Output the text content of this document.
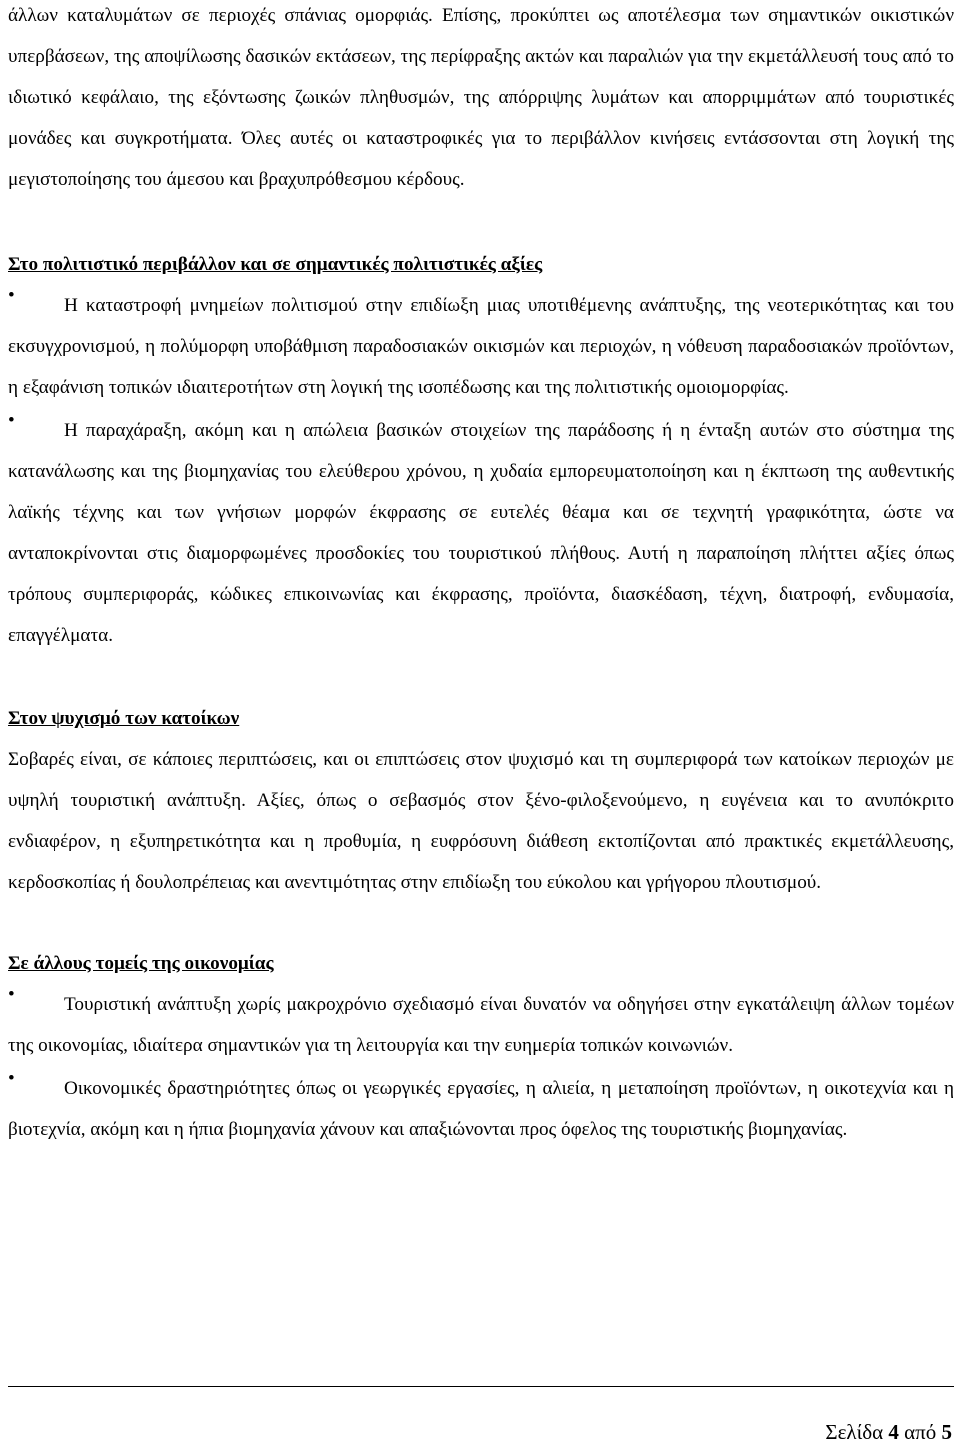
άλλων καταλυμάτων σε περιοχές σπάνιας ομορφιάς. Επίσης, προκύπτει ως αποτέλεσμα των σημαντικών οικιστικών υπερβάσεων, της αποψίλωσης δασικών εκτάσεων, της περίφραξης ακτών και παραλιών για την εκμετάλλευσή τους από το ιδιωτικό κεφάλαιο, της εξόντωσης ζωικών πληθυσμών, της απόρριψης λυμάτων και απορριμμάτων από τουριστικές μονάδες και συγκροτήματα. Όλες αυτές οι καταστροφικές για το περιβάλλον κινήσεις εντάσσονται στη λογική της μεγιστοποίησης του άμεσου και βραχυπρόθεσμου κέρδους.

Στο πολιτιστικό περιβάλλον και σε σημαντικές πολιτιστικές αξίες
•	Η καταστροφή μνημείων πολιτισμού στην επιδίωξη μιας υποτιθέμενης ανάπτυξης, της νεοτερικότητας και του εκσυγχρονισμού, η πολύμορφη υποβάθμιση παραδοσιακών οικισμών και περιοχών, η νόθευση παραδοσιακών προϊόντων, η εξαφάνιση τοπικών ιδιαιτεροτήτων στη λογική της ισοπέδωσης και της πολιτιστικής ομοιομορφίας.

•	Η παραχάραξη, ακόμη και η απώλεια βασικών στοιχείων της παράδοσης ή η ένταξη αυτών στο σύστημα της κατανάλωσης και της βιομηχανίας του ελεύθερου χρόνου, η χυδαία εμπορευματοποίηση και η έκπτωση της αυθεντικής λαϊκής τέχνης και των γνήσιων μορφών έκφρασης σε ευτελές θέαμα και σε τεχνητή γραφικότητα, ώστε να ανταποκρίνονται στις διαμορφωμένες προσδοκίες του τουριστικού πλήθους. Αυτή η παραποίηση πλήττει αξίες όπως τρόπους συμπεριφοράς, κώδικες επικοινωνίας και έκφρασης, προϊόντα, διασκέδαση, τέχνη, διατροφή, ενδυμασία, επαγγέλματα.

Στον ψυχισμό των κατοίκων

Σοβαρές είναι, σε κάποιες περιπτώσεις, και οι επιπτώσεις στον ψυχισμό και τη συμπεριφορά των κατοίκων περιοχών με υψηλή τουριστική ανάπτυξη. Αξίες, όπως ο σεβασμός στον ξένο-φιλοξενούμενο, η ευγένεια και το ανυπόκριτο ενδιαφέρον, η εξυπηρετικότητα και η προθυμία, η ευφρόσυνη διάθεση εκτοπίζονται από πρακτικές εκμετάλλευσης, κερδοσκοπίας ή δουλοπρέπειας και ανεντιμότητας στην επιδίωξη του εύκολου και γρήγορου πλουτισμού.

Σε άλλους τομείς της οικονομίας
•	Τουριστική ανάπτυξη χωρίς μακροχρόνιο σχεδιασμό είναι δυνατόν να οδηγήσει στην εγκατάλειψη άλλων τομέων της οικονομίας, ιδιαίτερα σημαντικών για τη λειτουργία και την ευημερία τοπικών κοινωνιών.

•	Οικονομικές δραστηριότητες όπως οι γεωργικές εργασίες, η αλιεία, η μεταποίηση προϊόντων, η οικοτεχνία και η βιοτεχνία, ακόμη και η ήπια βιομηχανία χάνουν και απαξιώνονται προς όφελος της τουριστικής βιομηχανίας.

Σελίδα 4 από 5
